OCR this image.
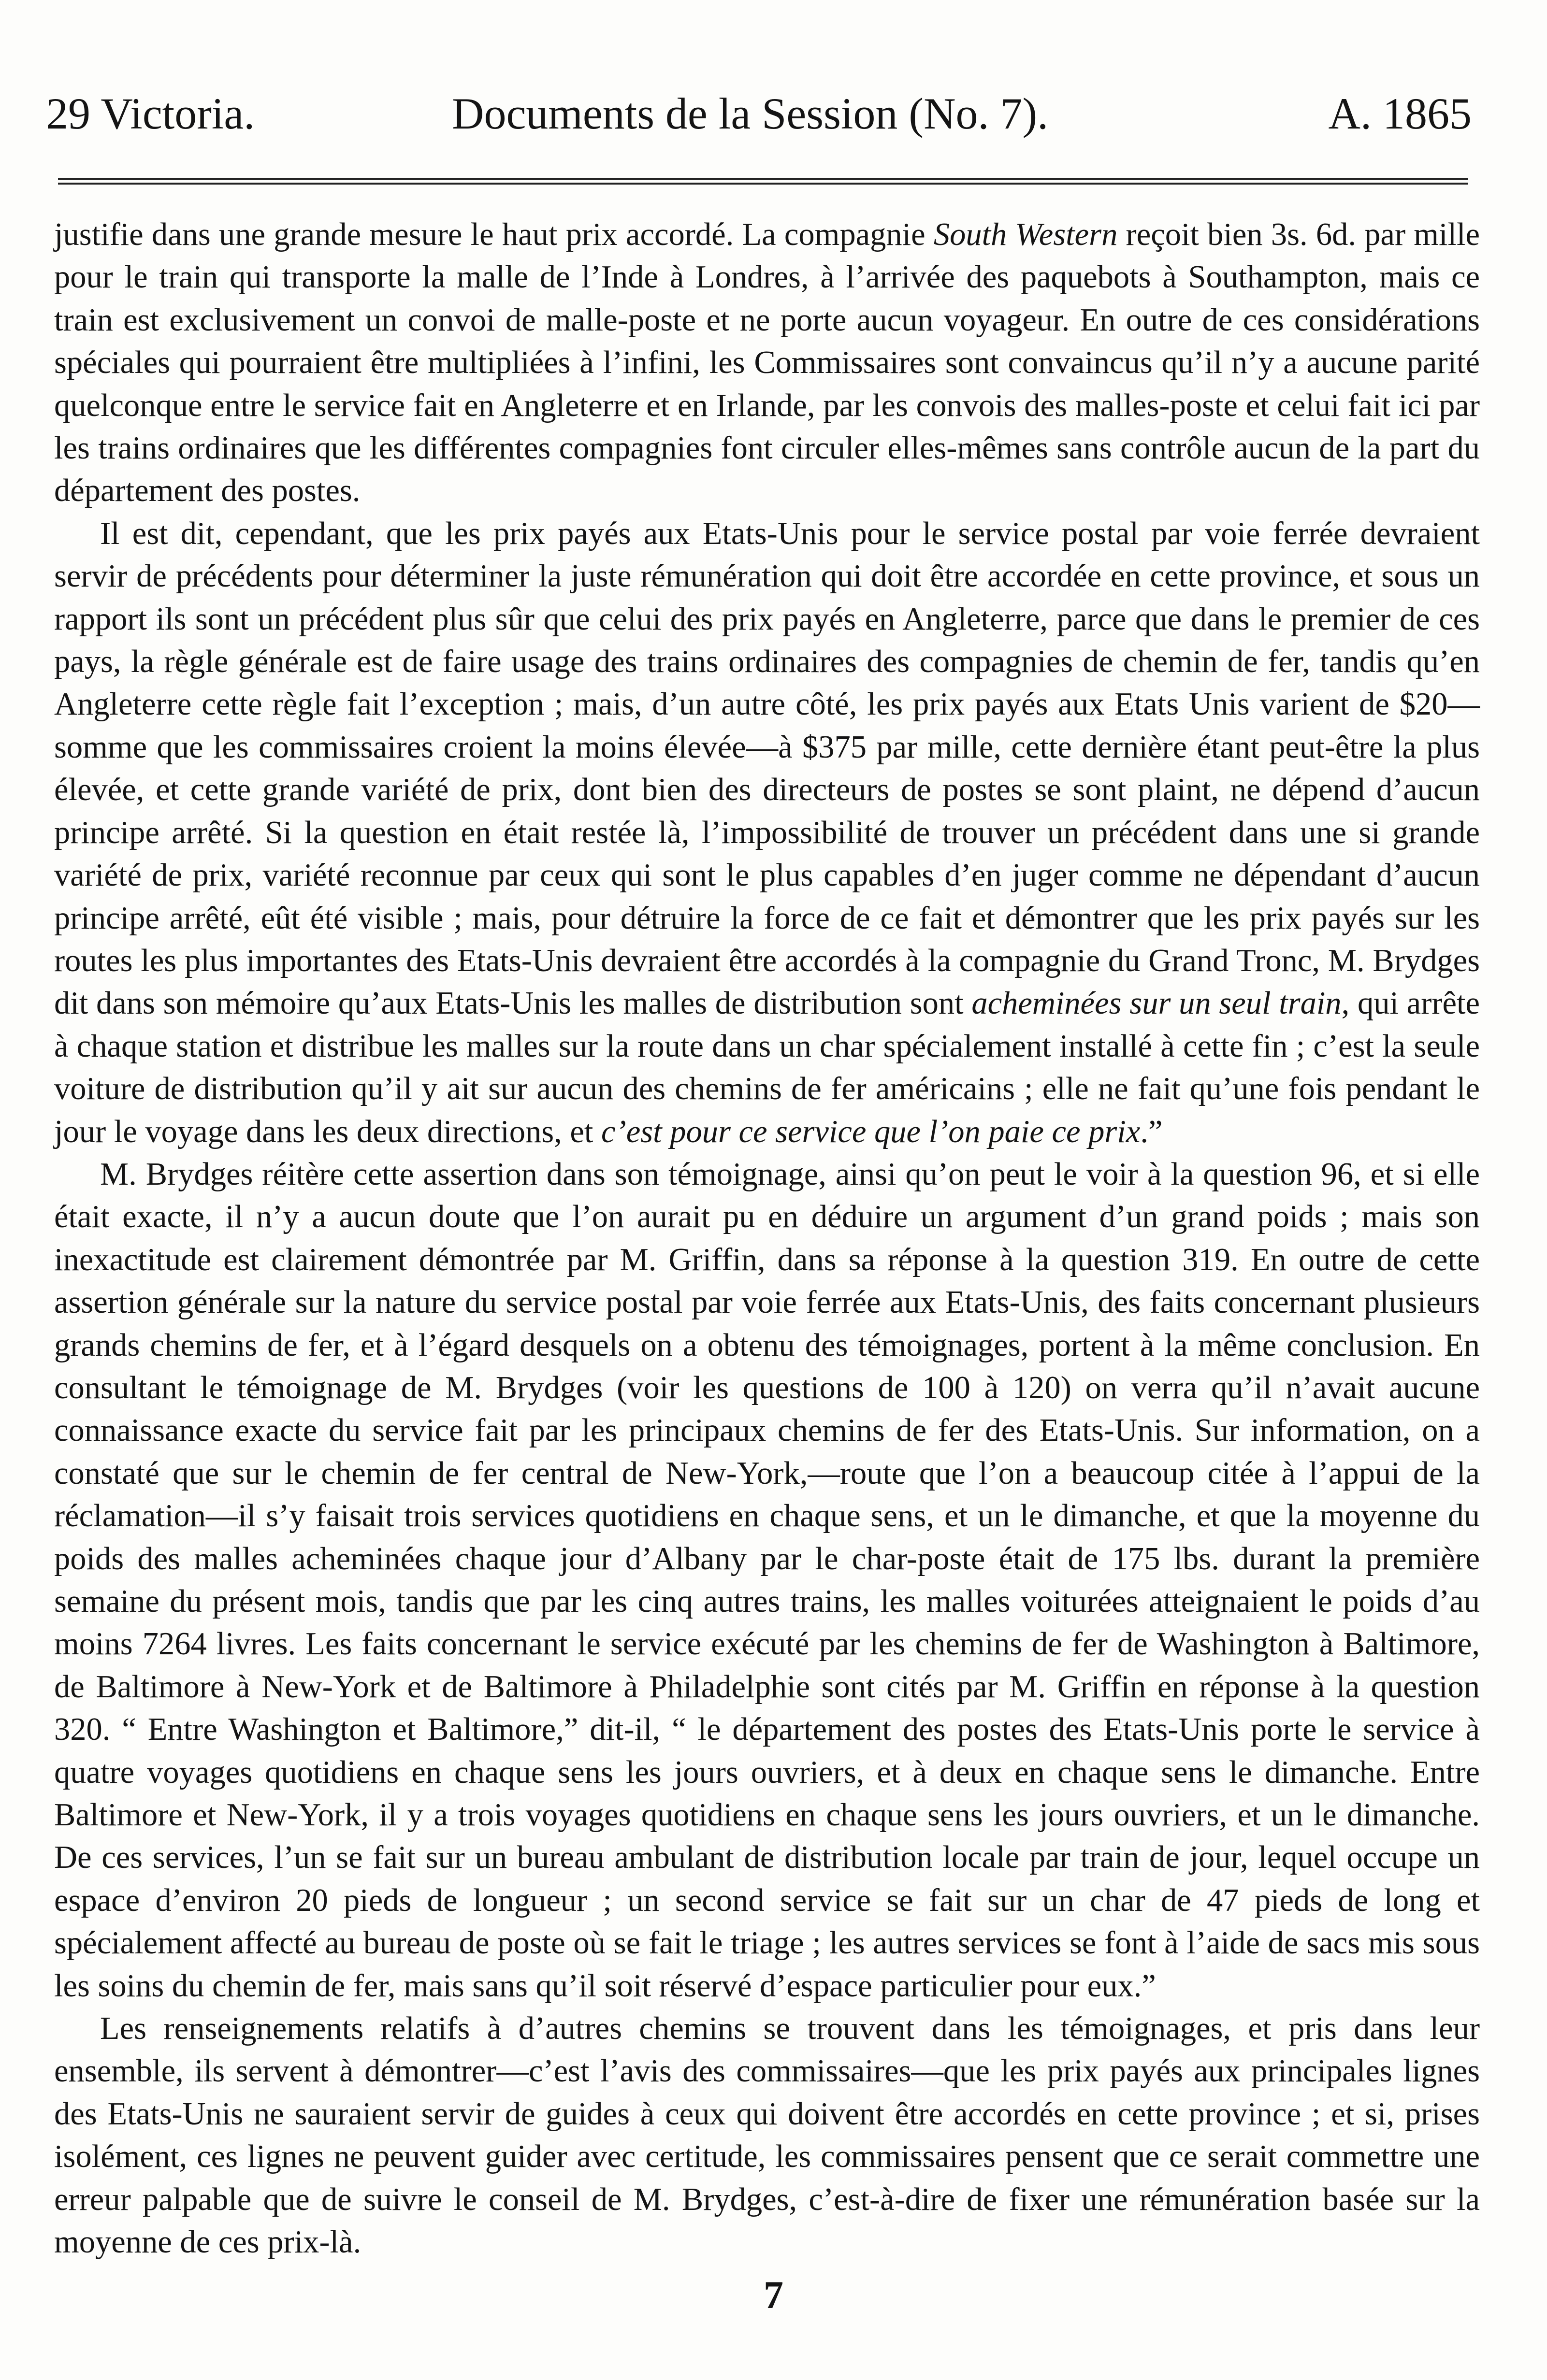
29 Victoria.	Documents de la Session (No. 7).	A. 1865

justifie dans une grande mesure le haut prix accordé. La compagnie South Western reçoit bien 3s. 6d. par mille pour le train qui transporte la malle de l’Inde à Londres, à l’arrivée des paquebots à Southampton, mais ce train est exclusivement un convoi de malle-poste et ne porte aucun voyageur. En outre de ces considérations spéciales qui pourraient être multipliées à l’infini, les Commissaires sont convaincus qu’il n’y a aucune parité quelconque entre le service fait en Angleterre et en Irlande, par les convois des malles-poste et celui fait ici par les trains ordinaires que les différentes compagnies font circuler elles-mêmes sans contrôle aucun de la part du département des postes.

Il est dit, cependant, que les prix payés aux Etats-Unis pour le service postal par voie ferrée devraient servir de précédents pour déterminer la juste rémunération qui doit être accordée en cette province, et sous un rapport ils sont un précédent plus sûr que celui des prix payés en Angleterre, parce que dans le premier de ces pays, la règle générale est de faire usage des trains ordinaires des compagnies de chemin de fer, tandis qu’en Angleterre cette règle fait l’exception ; mais, d’un autre côté, les prix payés aux Etats Unis varient de $20—somme que les commissaires croient la moins élevée—à $375 par mille, cette dernière étant peut-être la plus élevée, et cette grande variété de prix, dont bien des directeurs de postes se sont plaint, ne dépend d’aucun principe arrêté. Si la question en était restée là, l’impossibilité de trouver un précédent dans une si grande variété de prix, variété reconnue par ceux qui sont le plus capables d’en juger comme ne dépendant d’aucun principe arrêté, eût été visible ; mais, pour détruire la force de ce fait et démontrer que les prix payés sur les routes les plus importantes des Etats-Unis devraient être accordés à la compagnie du Grand Tronc, M. Brydges dit dans son mémoire qu’aux Etats-Unis les malles de distribution sont acheminées sur un seul train, qui arrête à chaque station et distribue les malles sur la route dans un char spécialement installé à cette fin ; c’est la seule voiture de distribution qu’il y ait sur aucun des chemins de fer américains ; elle ne fait qu’une fois pendant le jour le voyage dans les deux directions, et c’est pour ce service que l’on paie ce prix.”

M. Brydges réitère cette assertion dans son témoignage, ainsi qu’on peut le voir à la question 96, et si elle était exacte, il n’y a aucun doute que l’on aurait pu en déduire un argument d’un grand poids ; mais son inexactitude est clairement démontrée par M. Griffin, dans sa réponse à la question 319. En outre de cette assertion générale sur la nature du service postal par voie ferrée aux Etats-Unis, des faits concernant plusieurs grands chemins de fer, et à l’égard desquels on a obtenu des témoignages, portent à la même conclusion. En consultant le témoignage de M. Brydges (voir les questions de 100 à 120) on verra qu’il n’avait aucune connaissance exacte du service fait par les principaux chemins de fer des Etats-Unis. Sur information, on a constaté que sur le chemin de fer central de New-York,—route que l’on a beaucoup citée à l’appui de la réclamation—il s’y faisait trois services quotidiens en chaque sens, et un le dimanche, et que la moyenne du poids des malles acheminées chaque jour d’Albany par le char-poste était de 175 lbs. durant la première semaine du présent mois, tandis que par les cinq autres trains, les malles voiturées atteignaient le poids d’au moins 7264 livres. Les faits concernant le service exécuté par les chemins de fer de Washington à Baltimore, de Baltimore à New-York et de Baltimore à Philadelphie sont cités par M. Griffin en réponse à la question 320. “ Entre Washington et Baltimore,” dit-il, “ le département des postes des Etats-Unis porte le service à quatre voyages quotidiens en chaque sens les jours ouvriers, et à deux en chaque sens le dimanche. Entre Baltimore et New-York, il y a trois voyages quotidiens en chaque sens les jours ouvriers, et un le dimanche. De ces services, l’un se fait sur un bureau ambulant de distribution locale par train de jour, lequel occupe un espace d’environ 20 pieds de longueur ; un second service se fait sur un char de 47 pieds de long et spécialement affecté au bureau de poste où se fait le triage ; les autres services se font à l’aide de sacs mis sous les soins du chemin de fer, mais sans qu’il soit réservé d’espace particulier pour eux.”

Les renseignements relatifs à d’autres chemins se trouvent dans les témoignages, et pris dans leur ensemble, ils servent à démontrer—c’est l’avis des commissaires—que les prix payés aux principales lignes des Etats-Unis ne sauraient servir de guides à ceux qui doivent être accordés en cette province ; et si, prises isolément, ces lignes ne peuvent guider avec certitude, les commissaires pensent que ce serait commettre une erreur palpable que de suivre le conseil de M. Brydges, c’est-à-dire de fixer une rémunération basée sur la moyenne de ces prix-là.

7
